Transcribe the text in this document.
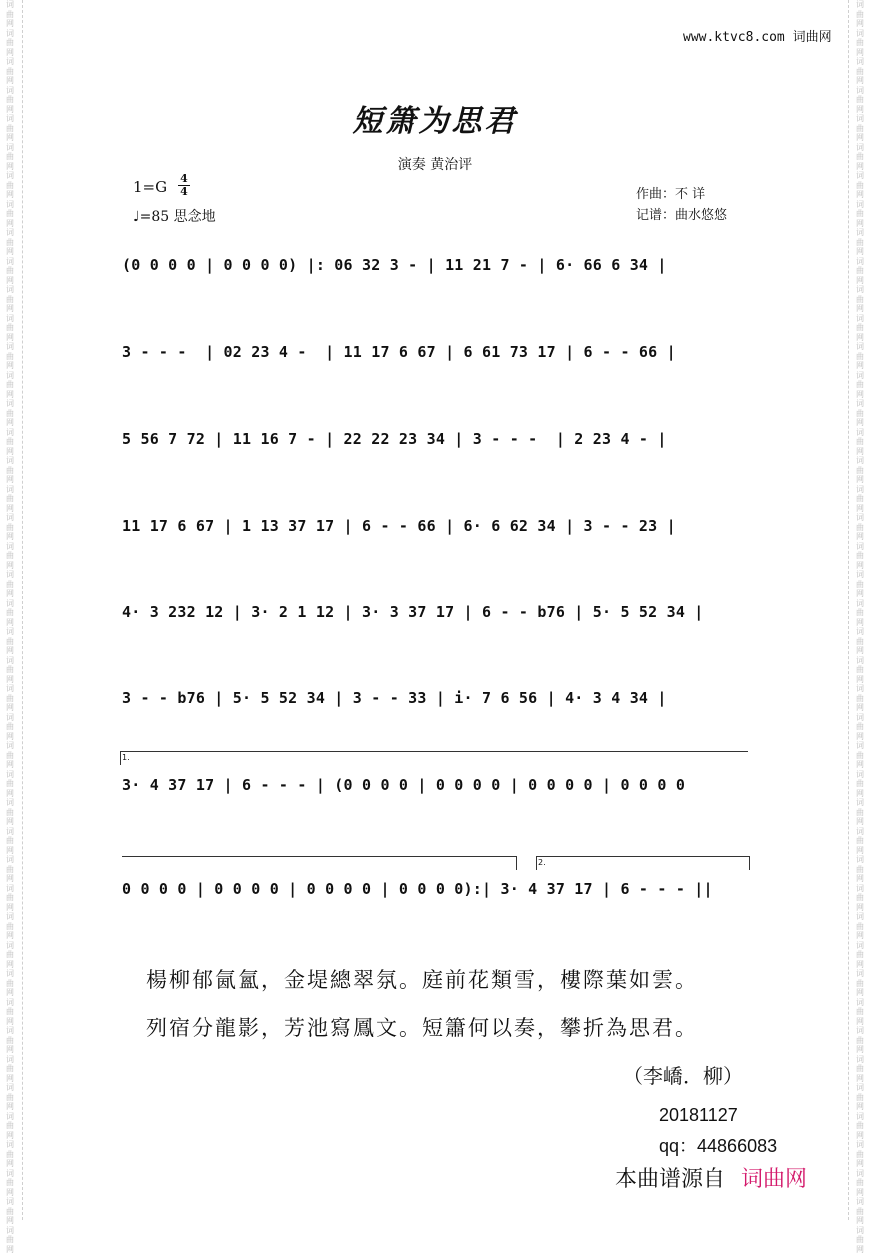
词曲网词曲网词曲网词曲网词曲网词曲网词曲网词曲网词曲网词曲网词曲网词曲网词曲网词曲网词曲网词曲网词曲网词曲网词曲网词曲网词曲网词曲网词曲网词曲网词曲网词曲网词曲网词曲网词曲网词曲网词曲网词曲网词曲网词曲网词曲网词曲网词曲网词曲网词曲网词曲网词曲网词曲网词曲网词曲网
词曲网词曲网词曲网词曲网词曲网词曲网词曲网词曲网词曲网词曲网词曲网词曲网词曲网词曲网词曲网词曲网词曲网词曲网词曲网词曲网词曲网词曲网词曲网词曲网词曲网词曲网词曲网词曲网词曲网词曲网词曲网词曲网词曲网词曲网词曲网词曲网词曲网词曲网词曲网词曲网词曲网词曲网词曲网词曲网
www.ktvc8.com 词曲网
短箫为思君
演奏 黄治评
1=G 4
4
♩=85 思念地
作曲：不 详
记谱：曲水悠悠
(0 0 0 0 | 0 0 0 0) |: 06 32 3 - | 11 21 7 - | 6· 66 6 34 |
3 - - -  | 02 23 4 -  | 11 17 6 67 | 6 61 73 17 | 6 - - 66 |
5 56 7 72 | 11 16 7 - | 22 22 23 34 | 3 - - -  | 2 23 4 - |
11 17 6 67 | 1 13 37 17 | 6 - - 66 | 6· 6 62 34 | 3 - - 23 |
4· 3 232 12 | 3· 2 1 12 | 3· 3 37 17 | 6 - - b76 | 5· 5 52 34 |
3 - - b76 | 5· 5 52 34 | 3 - - 33 | i· 7 6 56 | 4· 3 4 34 |
1.
3· 4 37 17 | 6 - - - | (0 0 0 0 | 0 0 0 0 | 0 0 0 0 | 0 0 0 0
2.
0 0 0 0 | 0 0 0 0 | 0 0 0 0 | 0 0 0 0):| 3· 4 37 17 | 6 - - - ||
楊柳郁氤氳，金堤總翠氛。庭前花類雪，樓際葉如雲。
列宿分龍影，芳池寫鳳文。短簫何以奏，攀折為思君。
（李嶠．柳）
20181127
qq：44866083
本曲谱源自 词曲网
